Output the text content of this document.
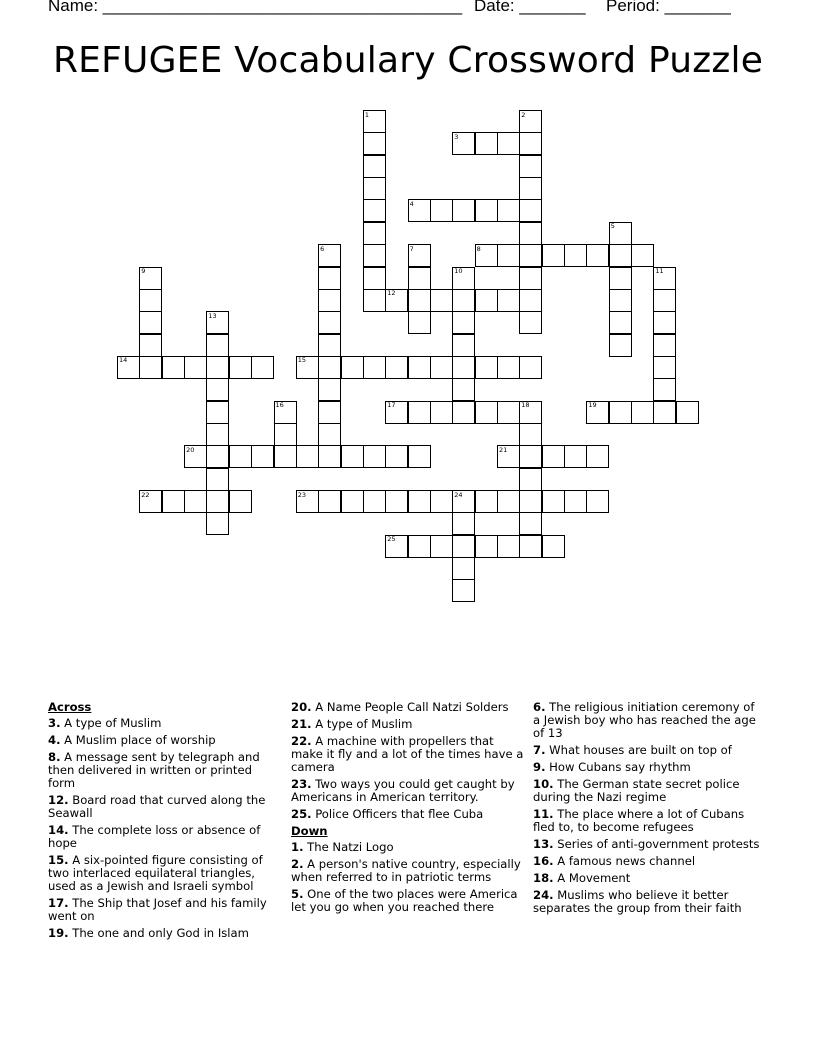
Name: ______________________________________

Date: _______

Period: _______

REFUGEE Vocabulary Crossword Puzzle
1	2
3
4
5
6	7	8
9	10	11
12
13
14	15
16	17	18	19
20	21
22	23	24
25
Across
3. A type of Muslim
4. A Muslim place of worship
8. A message sent by telegraph and then delivered in written or printed form
12. Board road that curved along the Seawall
14. The complete loss or absence of hope
15. A six-pointed figure consisting of two interlaced equilateral triangles, used as a Jewish and Israeli symbol
17. The Ship that Josef and his family went on
19. The one and only God in Islam
20. A Name People Call Natzi Solders
21. A type of Muslim
22. A machine with propellers that make it fly and a lot of the times have a camera
23. Two ways you could get caught by Americans in American territory.
25. Police Officers that flee Cuba
Down
1. The Natzi Logo
2. A person's native country, especially when referred to in patriotic terms
5. One of the two places were America let you go when you reached there
6. The religious initiation ceremony of a Jewish boy who has reached the age of 13
7. What houses are built on top of
9. How Cubans say rhythm
10. The German state secret police during the Nazi regime
11. The place where a lot of Cubans fled to, to become refugees
13. Series of anti-government protests
16. A famous news channel
18. A Movement
24. Muslims who believe it better separates the group from their faith
